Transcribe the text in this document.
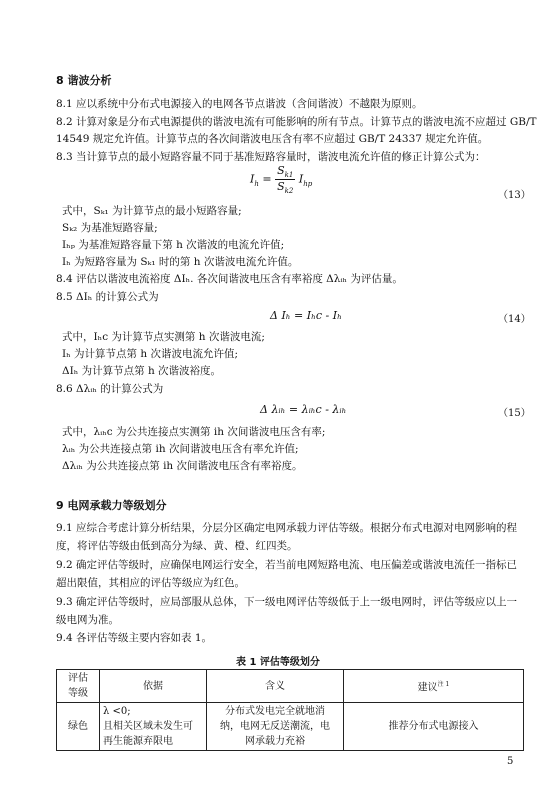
8 谐波分析
8.1 应以系统中分布式电源接入的电网各节点谐波（含间谐波）不越限为原则。
8.2 计算对象是分布式电源提供的谐波电流有可能影响的所有节点。计算节点的谐波电流不应超过 GB/T
14549 规定允许值。计算节点的各次间谐波电压含有率不应超过 GB/T 24337 规定允许值。
8.3 当计算节点的最小短路容量不同于基准短路容量时，谐波电流允许值的修正计算公式为：
$I_h = \frac{S_{k1}}{S_{k2}} I_{hp}$
（13）
式中，Sₖ₁ 为计算节点的最小短路容量;
Sₖ₂ 为基准短路容量;
Iₕₚ 为基准短路容量下第 h 次谐波的电流允许值;
Iₕ 为短路容量为 Sₖ₁ 时的第 h 次谐波电流允许值。
8.4 评估以谐波电流裕度 ΔIₕ. 各次间谐波电压含有率裕度 Δλᵢₕ 为评估量。
8.5 ΔIₕ 的计算公式为
Δ Iₕ = Iₕc - Iₕ	（14）
式中，Iₕc 为计算节点实测第 h 次谐波电流;
Iₕ 为计算节点第 h 次谐波电流允许值;
ΔIₕ 为计算节点第 h 次谐波裕度。
8.6 Δλᵢₕ 的计算公式为
Δ λᵢₕ = λᵢₕc - λᵢₕ	（15）
式中，λᵢₕc 为公共连接点实测第 ih 次间谐波电压含有率;
λᵢₕ 为公共连接点第 ih 次间谐波电压含有率允许值;
Δλᵢₕ 为公共连接点第 ih 次间谐波电压含有率裕度。
9 电网承载力等级划分
9.1 应综合考虑计算分析结果，分层分区确定电网承载力评估等级。根据分布式电源对电网影响的程
度，将评估等级由低到高分为绿、黄、橙、红四类。
9.2 确定评估等级时，应确保电网运行安全，若当前电网短路电流、电压偏差或谐波电流任一指标已
超出限值，其相应的评估等级应为红色。
9.3 确定评估等级时，应局部服从总体，下一级电网评估等级低于上一级电网时，评估等级应以上一
级电网为准。
9.4 各评估等级主要内容如表 1。
表 1 评估等级划分
评估
等级	依据	含义	建议$^{注 1}$
绿色	λ <0;
且相关区域未发生可
再生能源弃限电	分布式发电完全就地消
纳，电网无反送潮流，电
网承载力充裕	推荐分布式电源接入
5
